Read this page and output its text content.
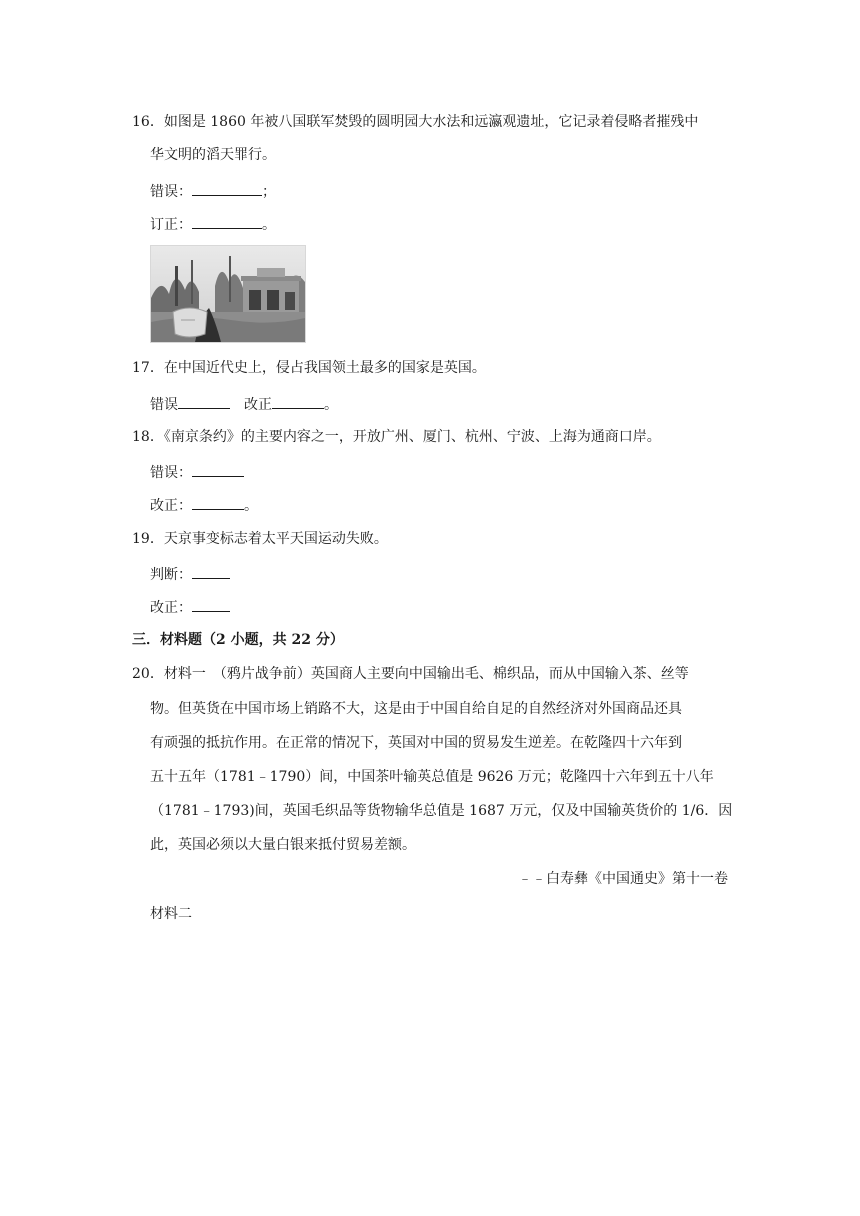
16．如图是 1860 年被八国联军焚毁的圆明园大水法和远瀛观遗址，它记录着侵略者摧残中
华文明的滔天罪行。
错误：	；
订正：	。
17．在中国近代史上，侵占我国领土最多的国家是英国。
错误	改正	。
18．《南京条约》的主要内容之一，开放广州、厦门、杭州、宁波、上海为通商口岸。
错误：
改正：	。
19．天京事变标志着太平天国运动失败。
判断：
改正：
三．材料题（2 小题，共 22 分）
20．材料一　（鸦片战争前）英国商人主要向中国输出毛、棉织品，而从中国输入茶、丝等
物。但英货在中国市场上销路不大，这是由于中国自给自足的自然经济对外国商品还具
有顽强的抵抗作用。在正常的情况下，英国对中国的贸易发生逆差。在乾隆四十六年到
五十五年（1781﹣1790）间，中国茶叶输英总值是 9626 万元；乾隆四十六年到五十八年
（1781﹣1793)间，英国毛织品等货物输华总值是 1687 万元，仅及中国输英货价的 1/6．因
此，英国必须以大量白银来抵付贸易差额。
﹣﹣白寿彝《中国通史》第十一卷
材料二
